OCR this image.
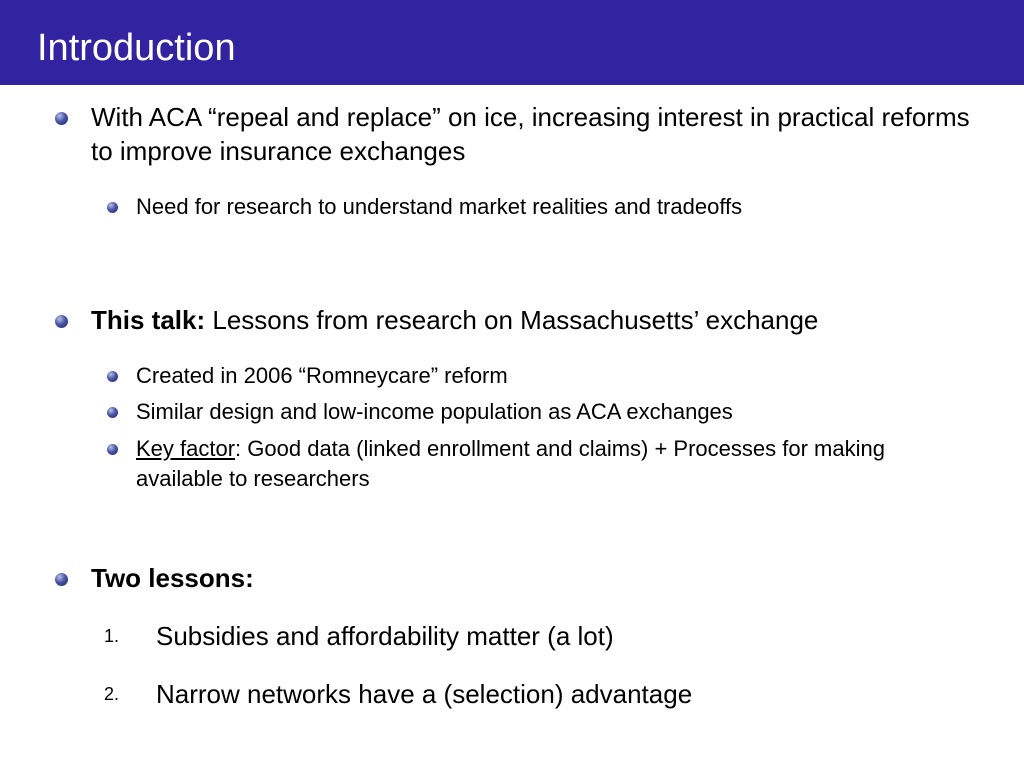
Introduction
With ACA “repeal and replace” on ice, increasing interest in practical reforms to improve insurance exchanges
Need for research to understand market realities and tradeoffs
This talk: Lessons from research on Massachusetts’ exchange
Created in 2006 “Romneycare” reform
Similar design and low-income population as ACA exchanges
Key factor: Good data (linked enrollment and claims) + Processes for making available to researchers
Two lessons:
1. Subsidies and affordability matter (a lot)
2. Narrow networks have a (selection) advantage
